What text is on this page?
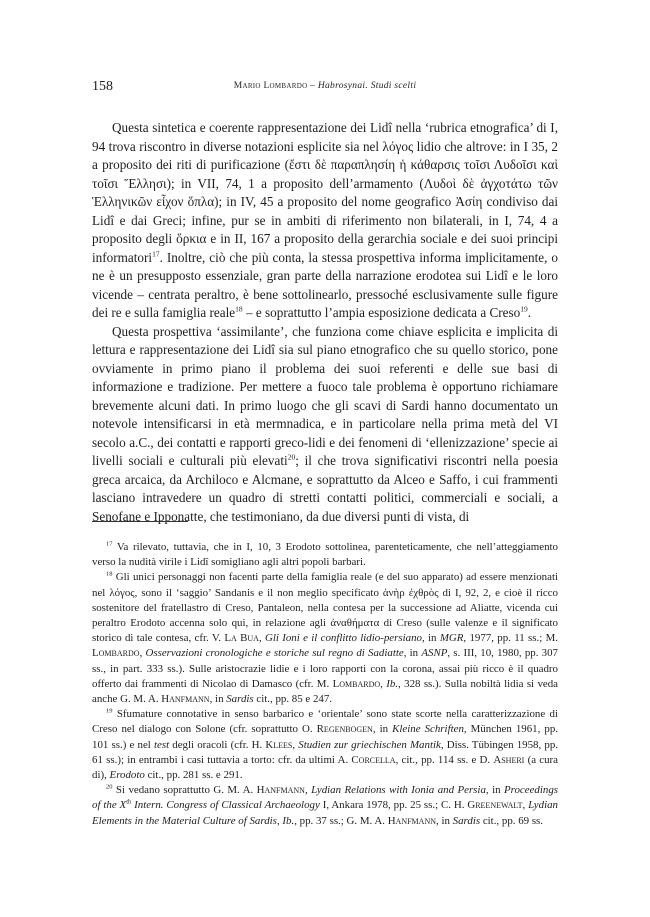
158	Mario Lombardo – Habrosynai. Studi scelti

Questa sintetica e coerente rappresentazione dei Lidî nella ‘rubrica etnografica’ di I, 94 trova riscontro in diverse notazioni esplicite sia nel λόγος lidio che altrove: in I 35, 2 a proposito dei riti di purificazione (ἔστι δὲ παραπλησίη ἡ κάθαρσις τοῖσι Λυδοῖσι καὶ τοῖσι Ἕλλησι); in VII, 74, 1 a proposito dell’armamento (Λυδοὶ δὲ ἀγχοτάτω τῶν Ἑλληνικῶν εἶχον ὅπλα); in IV, 45 a proposito del nome geografico Ἀσίη condiviso dai Lidî e dai Greci; infine, pur se in ambiti di riferimento non bilaterali, in I, 74, 4 a proposito degli ὅρκια e in II, 167 a proposito della gerarchia sociale e dei suoi principi informatori$^{17}$. Inoltre, ciò che più conta, la stessa prospettiva informa implicitamente, o ne è un presupposto essenziale, gran parte della narrazione erodotea sui Lidî e le loro vicende – centrata peraltro, è bene sottolinearlo, pressoché esclusivamente sulle figure dei re e sulla famiglia reale$^{18}$ – e soprattutto l’ampia esposizione dedicata a Creso$^{19}$.

Questa prospettiva ‘assimilante’, che funziona come chiave esplicita e implicita di lettura e rappresentazione dei Lidî sia sul piano etnografico che su quello storico, pone ovviamente in primo piano il problema dei suoi referenti e delle sue basi di informazione e tradizione. Per mettere a fuoco tale problema è opportuno richiamare brevemente alcuni dati. In primo luogo che gli scavi di Sardi hanno documentato un notevole intensificarsi in età mermnadica, e in particolare nella prima metà del VI secolo a.C., dei contatti e rapporti greco-lidi e dei fenomeni di ‘ellenizzazione’ specie ai livelli sociali e culturali più elevati$^{20}$; il che trova significativi riscontri nella poesia greca arcaica, da Archiloco e Alcmane, e soprattutto da Alceo e Saffo, i cui frammenti lasciano intravedere un quadro di stretti contatti politici, commerciali e sociali, a Senofane e Ipponatte, che testimoniano, da due diversi punti di vista, di

$^{17}$ Va rilevato, tuttavia, che in I, 10, 3 Erodoto sottolinea, parenteticamente, che nell’atteggiamento verso la nudità virile i Lidî somigliano agli altri popoli barbari.

$^{18}$ Gli unici personaggi non facenti parte della famiglia reale (e del suo apparato) ad essere menzionati nel λόγος, sono il ‘saggio’ Sandanis e il non meglio specificato ἀνὴρ ἐχθρὸς di I, 92, 2, e cioè il ricco sostenitore del fratellastro di Creso, Pantaleon, nella contesa per la successione ad Aliatte, vicenda cui peraltro Erodoto accenna solo qui, in relazione agli ἀναθήματα di Creso (sulle valenze e il significato storico di tale contesa, cfr. V. La Bua, Gli Ioni e il conflitto lidio-persiano, in MGR, 1977, pp. 11 ss.; M. Lombardo, Osservazioni cronologiche e storiche sul regno di Sadiatte, in ASNP, s. III, 10, 1980, pp. 307 ss., in part. 333 ss.). Sulle aristocrazie lidie e i loro rapporti con la corona, assai più ricco è il quadro offerto dai frammenti di Nicolao di Damasco (cfr. M. Lombardo, Ib., 328 ss.). Sulla nobiltà lidia si veda anche G. M. A. Hanfmann, in Sardis cit., pp. 85 e 247.

$^{19}$ Sfumature connotative in senso barbarico e ‘orientale’ sono state scorte nella caratterizzazione di Creso nel dialogo con Solone (cfr. soprattutto O. Regenbogen, in Kleine Schriften, München 1961, pp. 101 ss.) e nel test degli oracoli (cfr. H. Klees, Studien zur griechischen Mantik, Diss. Tübingen 1958, pp. 61 ss.); in entrambi i casi tuttavia a torto: cfr. da ultimi A. Corcella, cit., pp. 114 ss. e D. Asheri (a cura di), Erodoto cit., pp. 281 ss. e 291.

$^{20}$ Si vedano soprattutto G. M. A. Hanfmann, Lydian Relations with Ionia and Persia, in Proceedings of the Xth Intern. Congress of Classical Archaeology I, Ankara 1978, pp. 25 ss.; C. H. Greenewalt, Lydian Elements in the Material Culture of Sardis, Ib., pp. 37 ss.; G. M. A. Hanfmann, in Sardis cit., pp. 69 ss.
